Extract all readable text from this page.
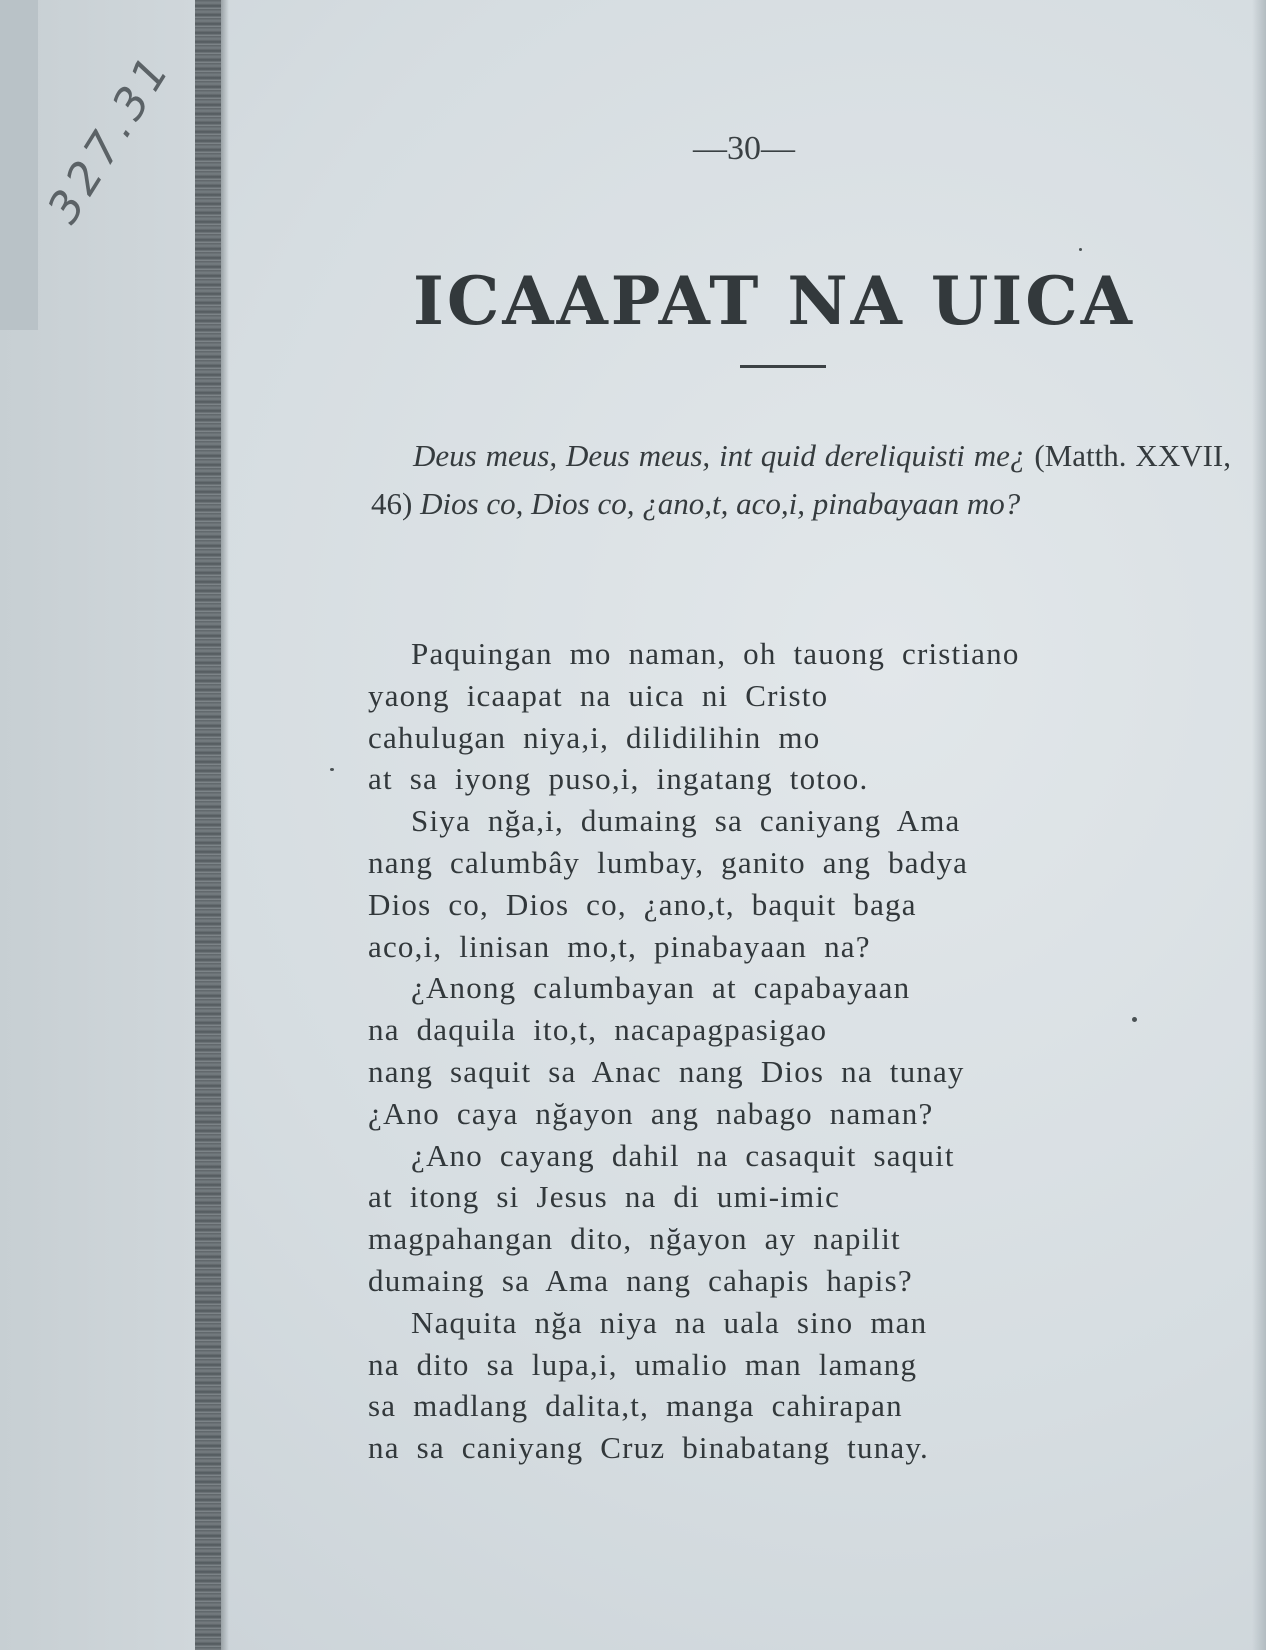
327.31	—30—
ICAAPAT NA UICA
Deus meus, Deus meus, int quid dereliquisti me¿ (Matth. XXVII, 46) Dios co, Dios co, ¿ano,t, aco,i, pinabayaan mo?
Paquingan mo naman, oh tauong cristiano
yaong icaapat na uica ni Cristo
cahulugan niya,i, dilidilihin mo
at sa iyong puso,i, ingatang totoo.
Siya nğa,i, dumaing sa caniyang Ama
nang calumbây lumbay, ganito ang badya
Dios co, Dios co, ¿ano,t, baquit baga
aco,i, linisan mo,t, pinabayaan na?
¿Anong calumbayan at capabayaan
na daquila ito,t, nacapagpasigao
nang saquit sa Anac nang Dios na tunay
¿Ano caya nğayon ang nabago naman?
¿Ano cayang dahil na casaquit saquit
at itong si Jesus na di umi-imic
magpahangan dito, nğayon ay napilit
dumaing sa Ama nang cahapis hapis?
Naquita nğa niya na uala sino man
na dito sa lupa,i, umalio man lamang
sa madlang dalita,t, manga cahirapan
na sa caniyang Cruz binabatang tunay.
